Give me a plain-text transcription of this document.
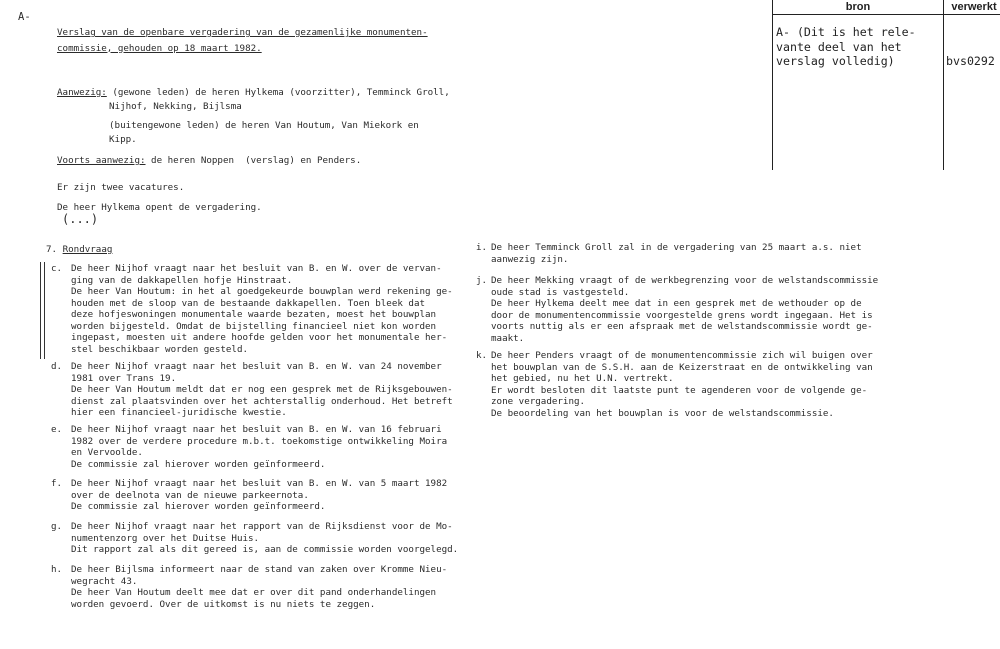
A-

Verslag van de openbare vergadering van de gezamenlijke monumenten-

commissie, gehouden op 18 maart 1982.

Aanwezig: (gewone leden) de heren Hylkema (voorzitter), Temminck Groll,

Nijhof, Nekking, Bijlsma

(buitengewone leden) de heren Van Houtum, Van Miekork en

Kipp.

Voorts aanwezig: de heren Noppen  (verslag) en Penders.

Er zijn twee vacatures.

De heer Hylkema opent de vergadering.

(...)

7. Rondvraag

c. De heer Nijhof vraagt naar het besluit van B. en W. over de vervan-

ging van de dakkapellen hofje Hinstraat.

De heer Van Houtum: in het al goedgekeurde bouwplan werd rekening ge-

houden met de sloop van de bestaande dakkapellen. Toen bleek dat

deze hofjeswoningen monumentale waarde bezaten, moest het bouwplan

worden bijgesteld. Omdat de bijstelling financieel niet kon worden

ingepast, moesten uit andere hoofde gelden voor het monumentale her-

stel beschikbaar worden gesteld.

d. De heer Nijhof vraagt naar het besluit van B. en W. van 24 november

1981 over Trans 19.

De heer Van Houtum meldt dat er nog een gesprek met de Rijksgebouwen-

dienst zal plaatsvinden over het achterstallig onderhoud. Het betreft

hier een financieel-juridische kwestie.

e. De heer Nijhof vraagt naar het besluit van B. en W. van 16 februari

1982 over de verdere procedure m.b.t. toekomstige ontwikkeling Moira

en Vervoolde.

De commissie zal hierover worden geïnformeerd.

f. De heer Nijhof vraagt naar het besluit van B. en W. van 5 maart 1982

over de deelnota van de nieuwe parkeernota.

De commissie zal hierover worden geïnformeerd.

g. De heer Nijhof vraagt naar het rapport van de Rijksdienst voor de Mo-

numentenzorg over het Duitse Huis.

Dit rapport zal als dit gereed is, aan de commissie worden voorgelegd.

h. De heer Bijlsma informeert naar de stand van zaken over Kromme Nieu-

wegracht 43.

De heer Van Houtum deelt mee dat er over dit pand onderhandelingen

worden gevoerd. Over de uitkomst is nu niets te zeggen.

i. De heer Temminck Groll zal in de vergadering van 25 maart a.s. niet

aanwezig zijn.

j. De heer Mekking vraagt of de werkbegrenzing voor de welstandscommissie

oude stad is vastgesteld.

De heer Hylkema deelt mee dat in een gesprek met de wethouder op de

door de monumentencommissie voorgestelde grens wordt ingegaan. Het is

voorts nuttig als er een afspraak met de welstandscommissie wordt ge-

maakt.

k. De heer Penders vraagt of de monumentencommissie zich wil buigen over

het bouwplan van de S.S.H. aan de Keizerstraat en de ontwikkeling van

het gebied, nu het U.N. vertrekt.

Er wordt besloten dit laatste punt te agenderen voor de volgende ge-

zone vergadering.

De beoordeling van het bouwplan is voor de welstandscommissie.

bron	verwerkt

A- (Dit is het rele-

vante deel van het

verslag volledig)	bvs0292
